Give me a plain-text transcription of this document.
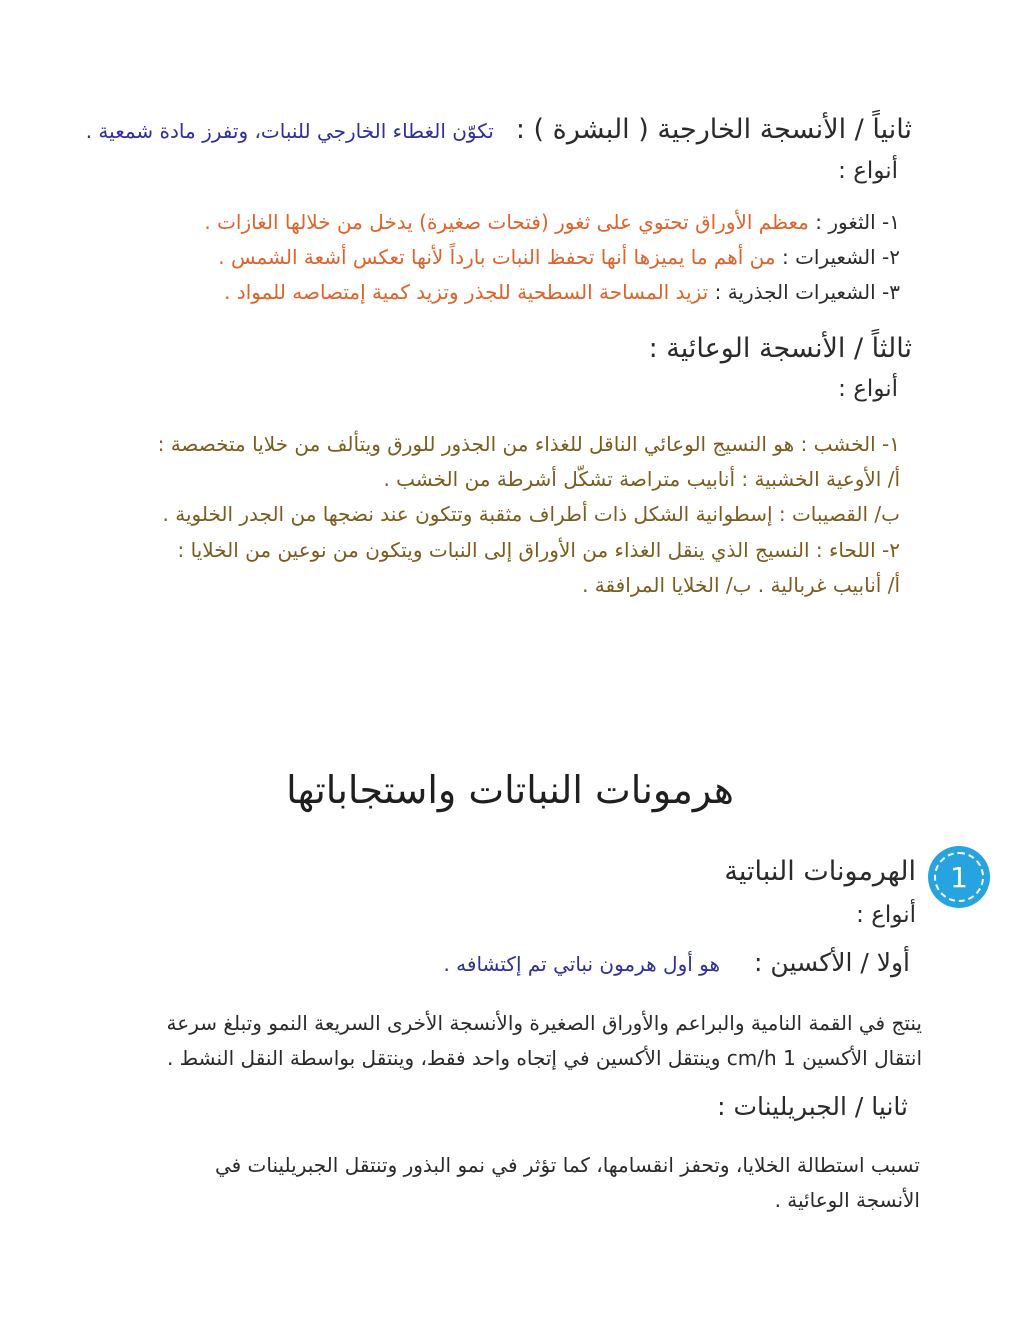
ثانياً / الأنسجة الخارجية ( البشرة ) :تكوّن الغطاء الخارجي للنبات، وتفرز مادة شمعية .
أنواع :
١- الثغور : معظم الأوراق تحتوي على ثغور (فتحات صغيرة) يدخل من خلالها الغازات .
٢- الشعيرات : من أهم ما يميزها أنها تحفظ النبات بارداً لأنها تعكس أشعة الشمس .
٣- الشعيرات الجذرية : تزيد المساحة السطحية للجذر وتزيد كمية إمتصاصه للمواد .
ثالثاً / الأنسجة الوعائية :
أنواع :
١- الخشب : هو النسيج الوعائي الناقل للغذاء من الجذور للورق ويتألف من خلايا متخصصة :
أ/ الأوعية الخشبية : أنابيب متراصة تشكّل أشرطة من الخشب .
ب/ القصيبات : إسطوانية الشكل ذات أطراف مثقبة وتتكون عند نضجها من الجدر الخلوية .
٢- اللحاء : النسيج الذي ينقل الغذاء من الأوراق إلى النبات ويتكون من نوعين من الخلايا :
أ/ أنابيب غربالية . ب/ الخلايا المرافقة .
هرمونات النباتات واستجاباتها
1
الهرمونات النباتية
أنواع :
أولا / الأكسين :هو أول هرمون نباتي تم إكتشافه .
ينتج في القمة النامية والبراعم والأوراق الصغيرة والأنسجة الأخرى السريعة النمو وتبلغ سرعة
انتقال الأكسين 1 cm/h وينتقل الأكسين في إتجاه واحد فقط، وينتقل بواسطة النقل النشط .
ثانيا / الجبريلينات :
تسبب استطالة الخلايا، وتحفز انقسامها، كما تؤثر في نمو البذور وتنتقل الجبريلينات في
الأنسجة الوعائية .
